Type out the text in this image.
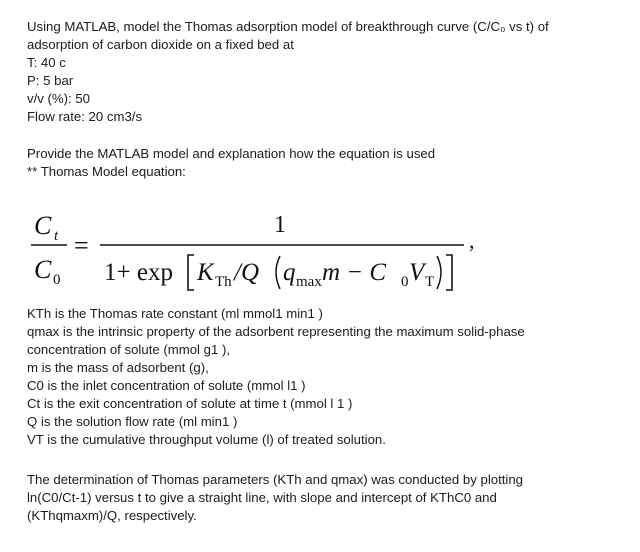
Using MATLAB, model the Thomas adsorption model of breakthrough curve (C/C₀ vs t) of
adsorption of carbon dioxide on a fixed bed at
T: 40 c
P: 5 bar
v/v (%): 50
Flow rate: 20 cm3/s
Provide the MATLAB model and explanation how the equation is used
** Thomas Model equation:
C t
C 0
=
1
1+ exp K Th /Q q max m − C 0 V T
,
KTh is the Thomas rate constant (ml mmol1 min1 )
qmax is the intrinsic property of the adsorbent representing the maximum solid-phase
concentration of solute (mmol g1 ),
m is the mass of adsorbent (g),
C0 is the inlet concentration of solute (mmol l1 )
Ct is the exit concentration of solute at time t (mmol l 1 )
Q is the solution flow rate (ml min1 )
VT is the cumulative throughput volume (l) of treated solution.
The determination of Thomas parameters (KTh and qmax) was conducted by plotting
ln(C0/Ct-1) versus t to give a straight line, with slope and intercept of KThC0 and
(KThqmaxm)/Q, respectively.
